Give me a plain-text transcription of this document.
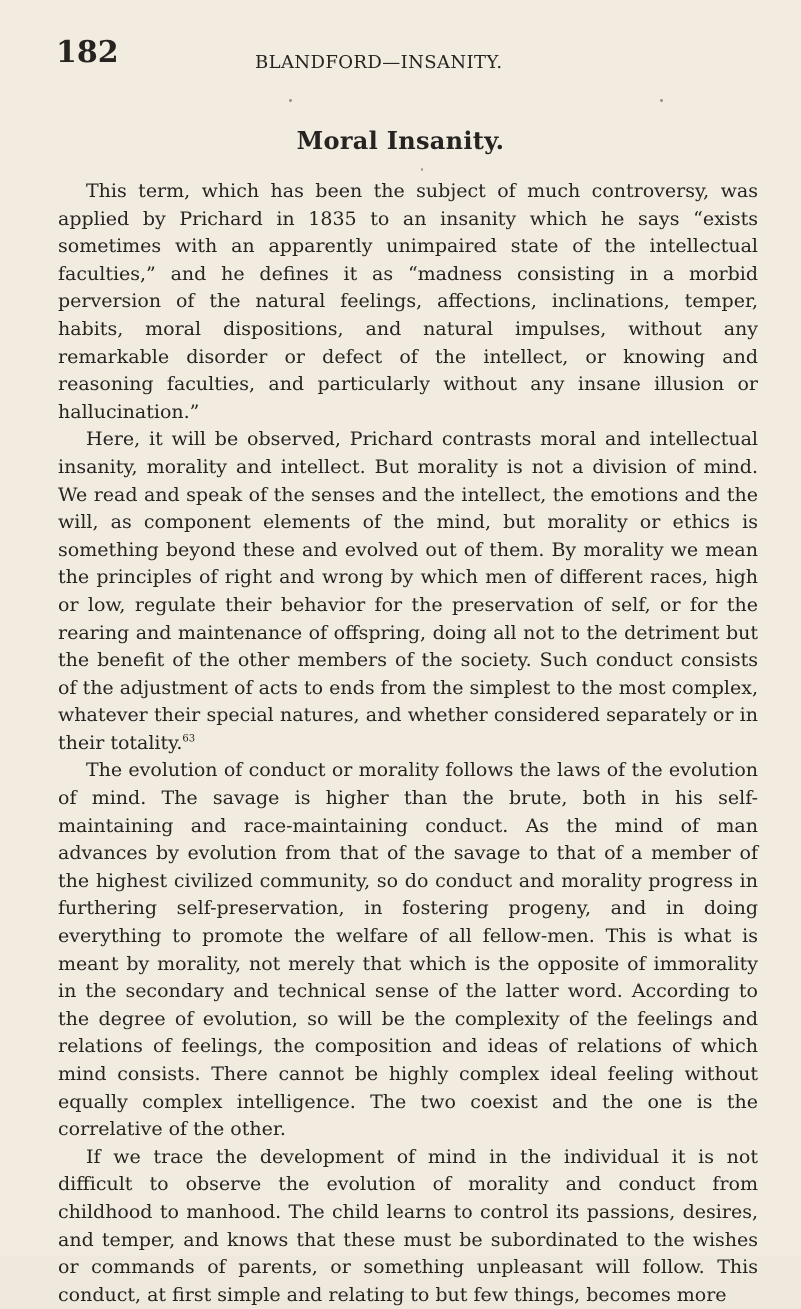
182	BLANDFORD—INSANITY.
Moral Insanity.

This term, which has been the subject of much controversy, was applied by Prichard in 1835 to an insanity which he says “exists sometimes with an apparently unimpaired state of the intellectual faculties,” and he defines it as “madness consisting in a morbid perversion of the natural feelings, affections, inclinations, temper, habits, moral dispositions, and natural impulses, without any remarkable disorder or defect of the intellect, or knowing and reasoning faculties, and particularly without any insane illusion or hallucination.”

Here, it will be observed, Prichard contrasts moral and intellectual insanity, morality and intellect. But morality is not a division of mind. We read and speak of the senses and the intellect, the emotions and the will, as component elements of the mind, but morality or ethics is something beyond these and evolved out of them. By morality we mean the principles of right and wrong by which men of different races, high or low, regulate their behavior for the preservation of self, or for the rearing and maintenance of offspring, doing all not to the detriment but the benefit of the other members of the society. Such conduct consists of the adjustment of acts to ends from the simplest to the most complex, whatever their special natures, and whether considered separately or in their totality.$^{63}$

The evolution of conduct or morality follows the laws of the evolution of mind. The savage is higher than the brute, both in his self-maintaining and race-maintaining conduct. As the mind of man advances by evolution from that of the savage to that of a member of the highest civilized community, so do conduct and morality progress in furthering self-preservation, in fostering progeny, and in doing everything to promote the welfare of all fellow-men. This is what is meant by morality, not merely that which is the opposite of immorality in the secondary and technical sense of the latter word. According to the degree of evolution, so will be the complexity of the feelings and relations of feelings, the composition and ideas of relations of which mind consists. There cannot be highly complex ideal feeling without equally complex intelligence. The two coexist and the one is the correlative of the other.

If we trace the development of mind in the individual it is not difficult to observe the evolution of morality and conduct from childhood to manhood. The child learns to control its passions, desires, and temper, and knows that these must be subordinated to the wishes or commands of parents, or something unpleasant will follow. This conduct, at first simple and relating to but few things, becomes more
